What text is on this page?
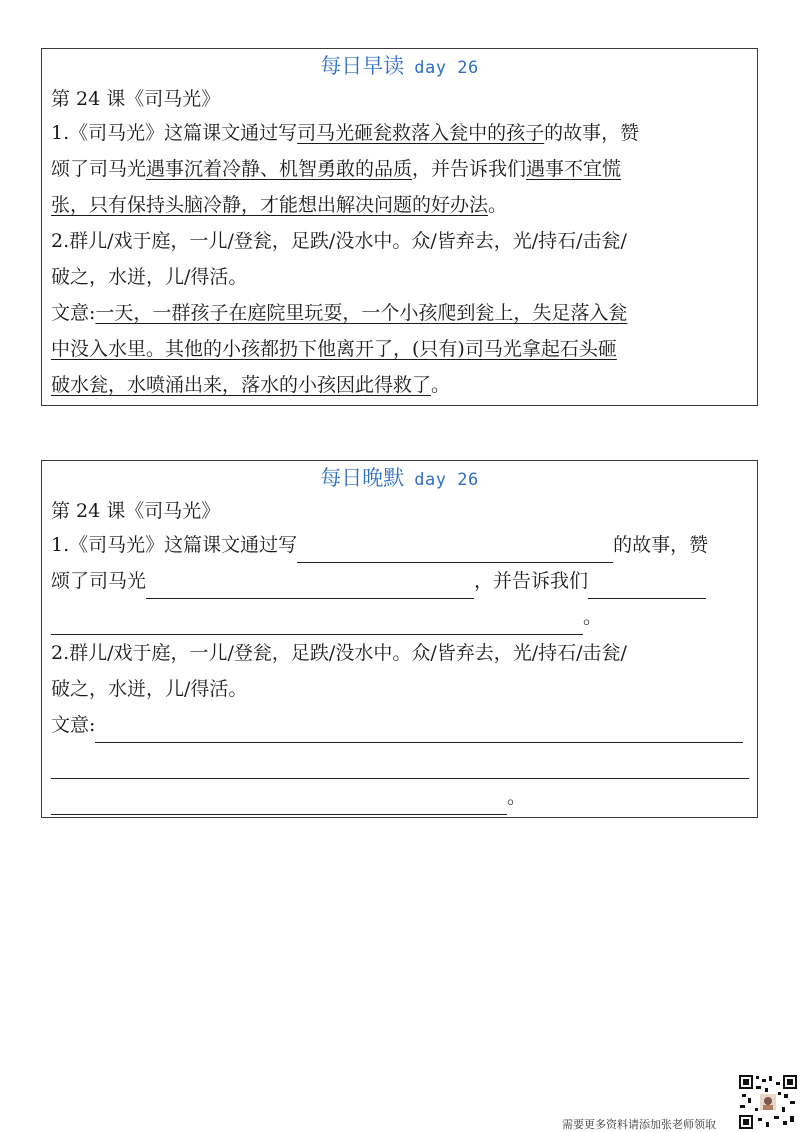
每日早读 day 26
第 24 课《司马光》
1.《司马光》这篇课文通过写司马光砸瓮救落入瓮中的孩子的故事，赞
颂了司马光遇事沉着冷静、机智勇敢的品质，并告诉我们遇事不宜慌
张，只有保持头脑冷静，才能想出解决问题的好办法。
2.群儿/戏于庭，一儿/登瓮，足跌/没水中。众/皆弃去，光/持石/击瓮/
破之，水迸，儿/得活。
文意:一天，一群孩子在庭院里玩耍，一个小孩爬到瓮上，失足落入瓮
中没入水里。其他的小孩都扔下他离开了，(只有)司马光拿起石头砸
破水瓮，水喷涌出来，落水的小孩因此得救了。
每日晚默 day 26
第 24 课《司马光》
1.《司马光》这篇课文通过写	的故事，赞
颂了司马光	，并告诉我们
。
2.群儿/戏于庭，一儿/登瓮，足跌/没水中。众/皆弃去，光/持石/击瓮/
破之，水迸，儿/得活。
文意:
。
需要更多资料请添加张老师领取
